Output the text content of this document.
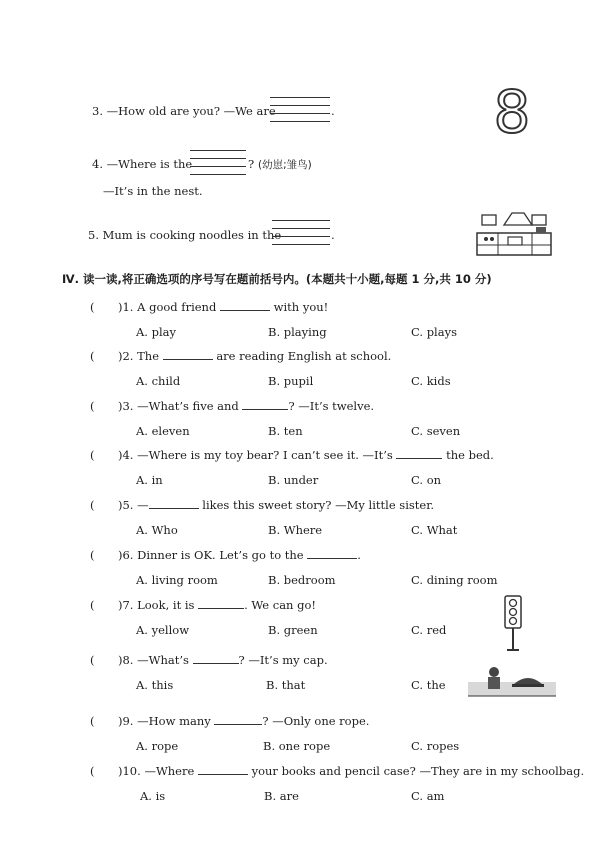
3. —How old are you? —We are	.
4. —Where is the	? (幼崽;雏鸟)
—It’s in the nest.
5. Mum is cooking noodles in the	.
8
Ⅳ. 读一读,将正确选项的序号写在题前括号内。(本题共十小题,每题 1 分,共 10 分)
( )1. A good friend	with you!
A. play	B. playing	C. plays
( )2. The	are reading English at school.
A. child	B. pupil	C. kids
( )3. —What’s five and	? —It’s twelve.
A. eleven	B. ten	C. seven
( )4. —Where is my toy bear? I can’t see it. —It’s	the bed.
A. in	B. under	C. on
( )5. —	likes this sweet story? —My little sister.
A. Who	B. Where	C. What
( )6. Dinner is OK. Let’s go to the	.
A. living room	B. bedroom	C. dining room
( )7. Look, it is	. We can go!
A. yellow	B. green	C. red
( )8. —What’s	? —It’s my cap.
A. this	B. that	C. the
( )9. —How many	? —Only one rope.
A. rope	B. one rope	C. ropes
( )10. —Where	your books and pencil case? —They are in my schoolbag.
A. is	B. are	C. am
